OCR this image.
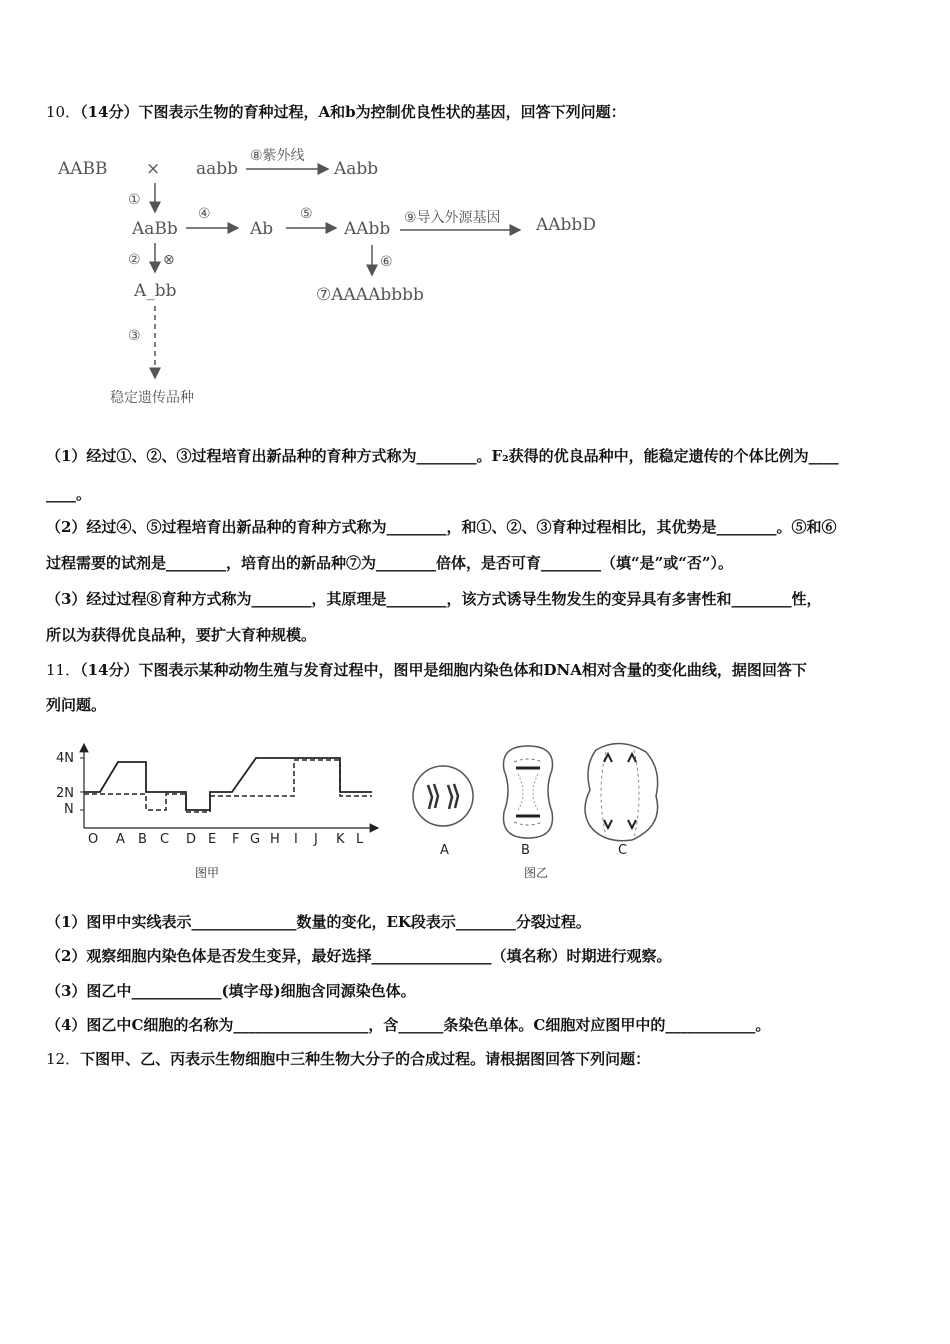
10．（14分）下图表示生物的育种过程，A和b为控制优良性状的基因，回答下列问题：
AABB × aabb
⑧紫外线
Aabb
①
AaBb
④
Ab
⑤
AAbb
⑨导入外源基因 AAbbD
② ⊗	⑥
⑦AAAAbbbb
A_bb
③
稳定遗传品种
（1）经过①、②、③过程培育出新品种的育种方式称为________。F₂获得的优良品种中，能稳定遗传的个体比例为____
____。
（2）经过④、⑤过程培育出新品种的育种方式称为________，和①、②、③育种过程相比，其优势是________。⑤和⑥
过程需要的试剂是________，培育出的新品种⑦为________倍体，是否可育________（填“是”或“否”）。
（3）经过过程⑧育种方式称为________，其原理是________，该方式诱导生物发生的变异具有多害性和________性，
所以为获得优良品种，要扩大育种规模。
11．（14分）下图表示某种动物生殖与发育过程中，图甲是细胞内染色体和DNA相对含量的变化曲线，据图回答下
列问题。
4N
2N
N
O A B C D E F G H I J K L
图甲
A	B	C
图乙
（1）图甲中实线表示______________数量的变化，EK段表示________分裂过程。
（2）观察细胞内染色体是否发生变异，最好选择________________（填名称）时期进行观察。
（3）图乙中____________(填字母)细胞含同源染色体。
（4）图乙中C细胞的名称为__________________，含______条染色单体。C细胞对应图甲中的____________。
12．下图甲、乙、丙表示生物细胞中三种生物大分子的合成过程。请根据图回答下列问题：
